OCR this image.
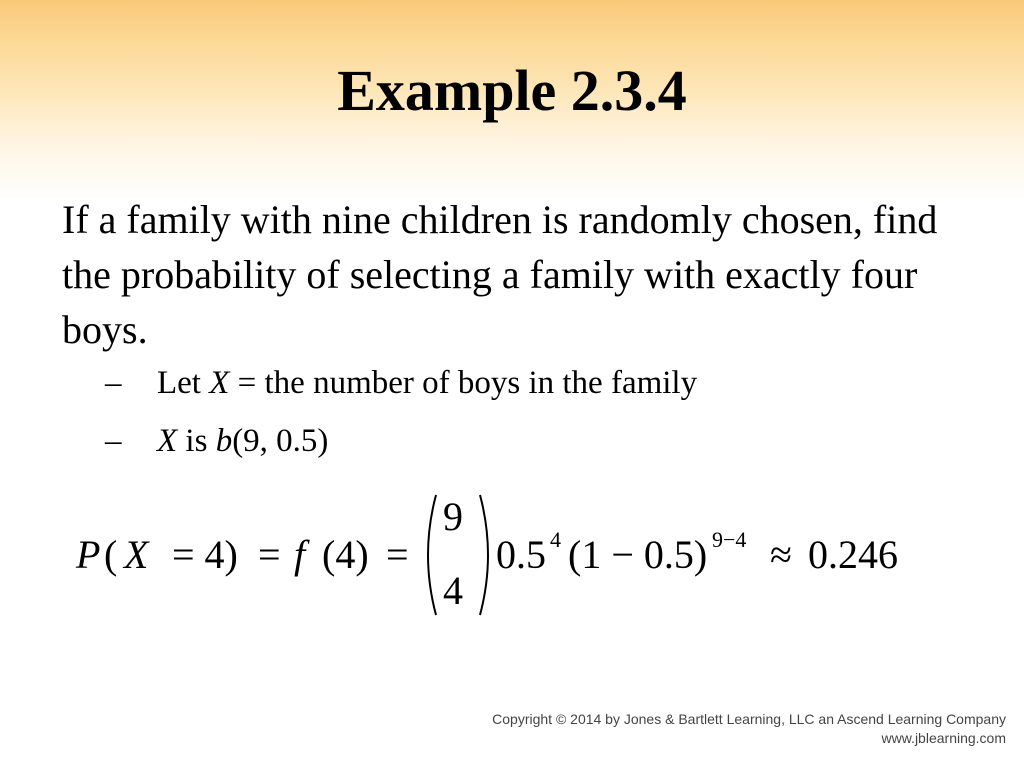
Example 2.3.4
If a family with nine children is randomly chosen, find the probability of selecting a family with exactly four boys.
– Let X = the number of boys in the family
– X is b(9, 0.5)
P ( X = 4) = f (4) =
9
4
0.5 4 (1 − 0.5) 9−4 ≈ 0.246
Copyright © 2014 by Jones & Bartlett Learning, LLC an Ascend Learning Company
www.jblearning.com
